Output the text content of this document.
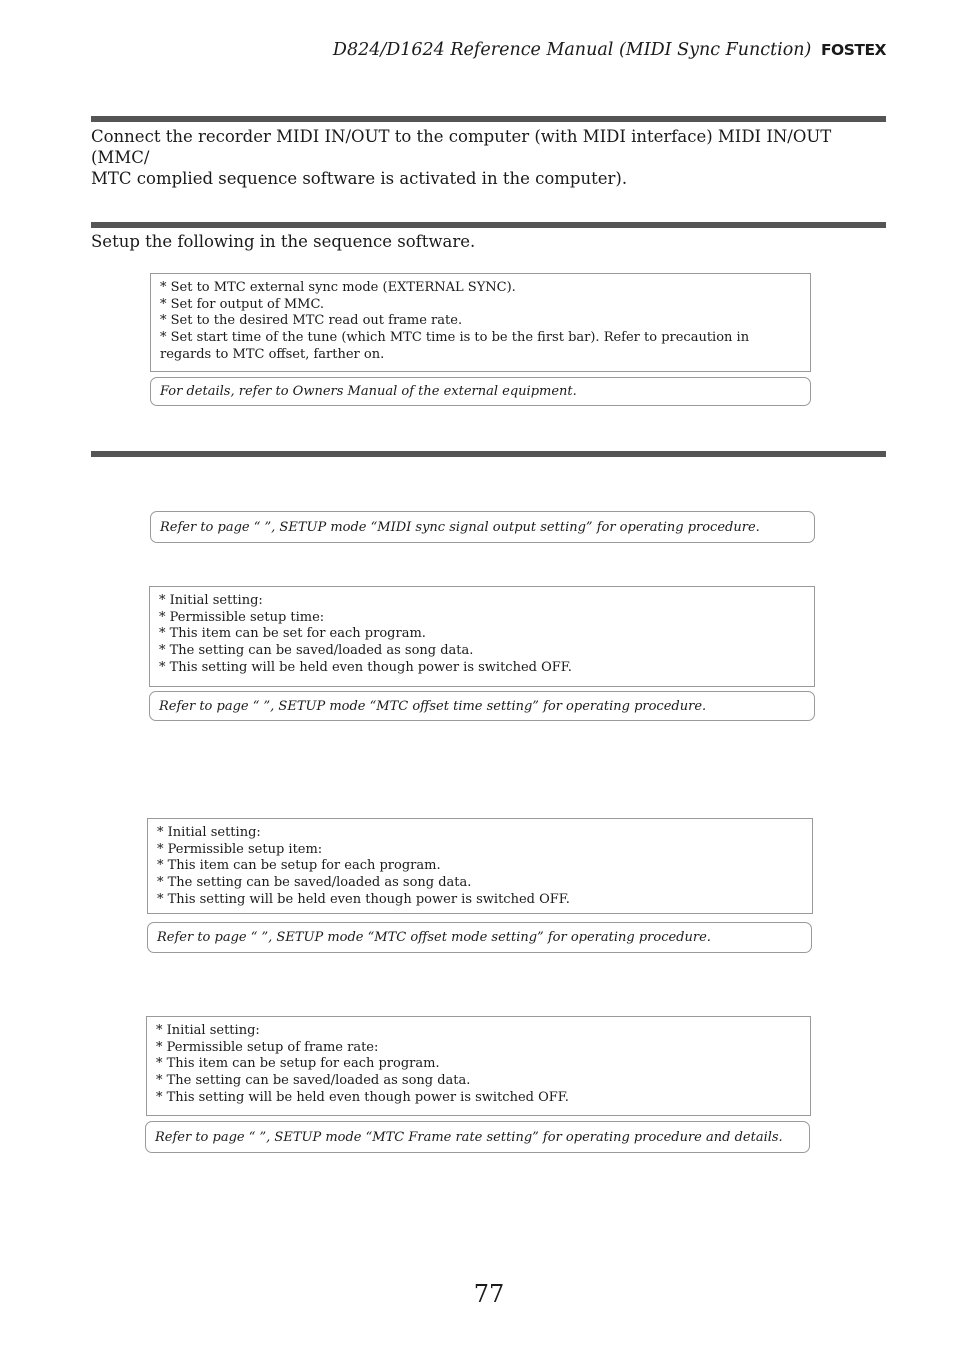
D824/D1624 Reference Manual (MIDI Sync Function) FOSTEX
Connect the recorder MIDI IN/OUT to the computer (with MIDI interface) MIDI IN/OUT (MMC/
MTC complied sequence software is activated in the computer).
Setup the following in the sequence software.
* Set to MTC external sync mode (EXTERNAL SYNC).
* Set for output of MMC.
* Set to the desired MTC read out frame rate.
* Set start time of the tune (which MTC time is to be the first bar). Refer to precaution in regards to MTC offset, farther on.
For details, refer to Owners Manual of the external equipment.
Refer to page “ ”, SETUP mode “MIDI sync signal output setting” for operating procedure.
* Initial setting:
* Permissible setup time:
* This item can be set for each program.
* The setting can be saved/loaded as song data.
* This setting will be held even though power is switched OFF.
Refer to page “ ”, SETUP mode “MTC offset time setting” for operating procedure.
* Initial setting:
* Permissible setup item:
* This item can be setup for each program.
* The setting can be saved/loaded as song data.
* This setting will be held even though power is switched OFF.
Refer to page “ ”, SETUP mode “MTC offset mode setting” for operating procedure.
* Initial setting:
* Permissible setup of frame rate:
* This item can be setup for each program.
* The setting can be saved/loaded as song data.
* This setting will be held even though power is switched OFF.
Refer to page “ ”, SETUP mode “MTC Frame rate setting” for operating procedure and details.
77
